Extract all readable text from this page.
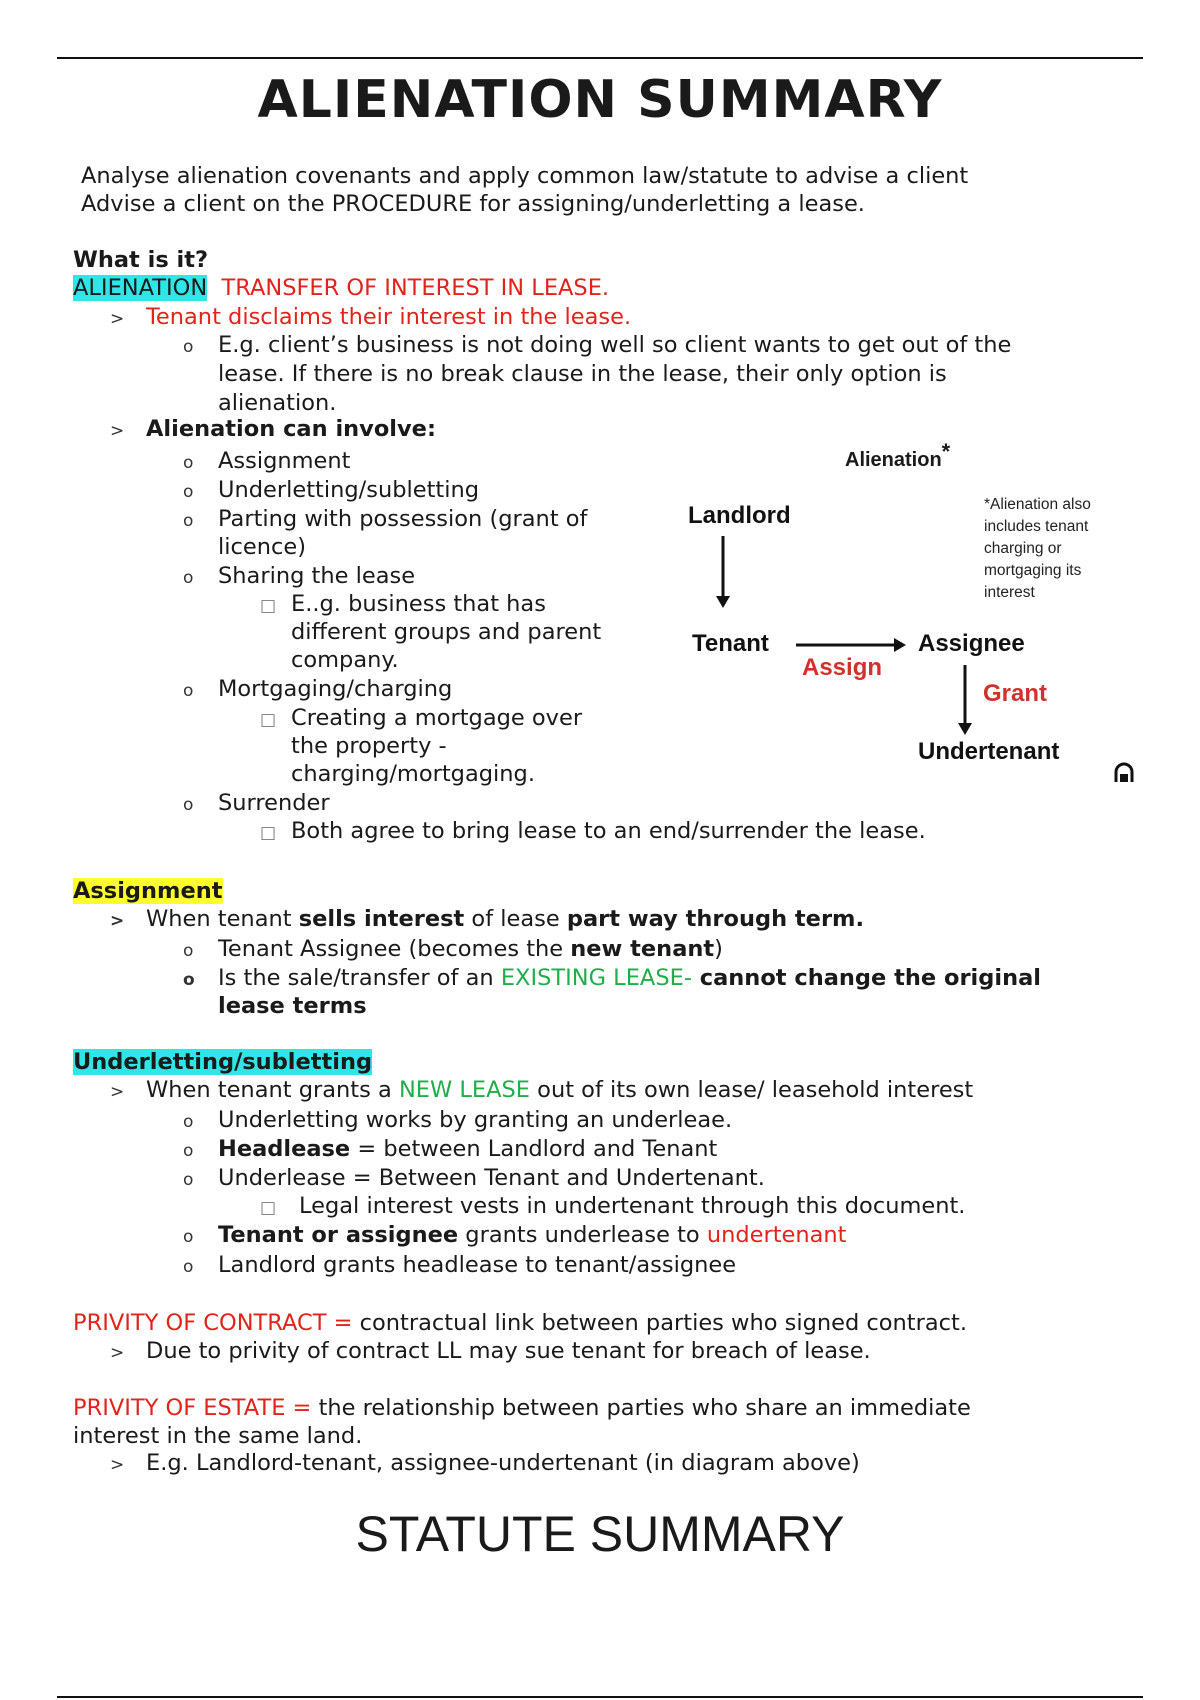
ALIENATION SUMMARY
Analyse alienation covenants and apply common law/statute to advise a client
Advise a client on the PROCEDURE for assigning/underletting a lease.
What is it?
ALIENATION TRANSFER OF INTEREST IN LEASE.
> Tenant disclaims their interest in the lease.
o E.g. client’s business is not doing well so client wants to get out of the
lease. If there is no break clause in the lease, their only option is
alienation.
> Alienation can involve:
o Assignment
o Underletting/subletting
o Parting with possession (grant of
licence)
o Sharing the lease
□ E..g. business that has
different groups and parent
company.
o Mortgaging/charging
□ Creating a mortgage over
the property -
charging/mortgaging.
o Surrender
□ Both agree to bring lease to an end/surrender the lease.
Alienation*
Landlord
Tenant
Assign
Assignee
Grant
Undertenant
*Alienation also
includes tenant
charging or
mortgaging its
interest
Assignment
> When tenant sells interest of lease part way through term.
o Tenant Assignee (becomes the new tenant)
o Is the sale/transfer of an EXISTING LEASE- cannot change the original
lease terms
Underletting/subletting
> When tenant grants a NEW LEASE out of its own lease/ leasehold interest
o Underletting works by granting an underleae.
o Headlease = between Landlord and Tenant
o Underlease = Between Tenant and Undertenant.
□ Legal interest vests in undertenant through this document.
o Tenant or assignee grants underlease to undertenant
o Landlord grants headlease to tenant/assignee
PRIVITY OF CONTRACT = contractual link between parties who signed contract.
> Due to privity of contract LL may sue tenant for breach of lease.
PRIVITY OF ESTATE = the relationship between parties who share an immediate
interest in the same land.
> E.g. Landlord-tenant, assignee-undertenant (in diagram above)
STATUTE SUMMARY
